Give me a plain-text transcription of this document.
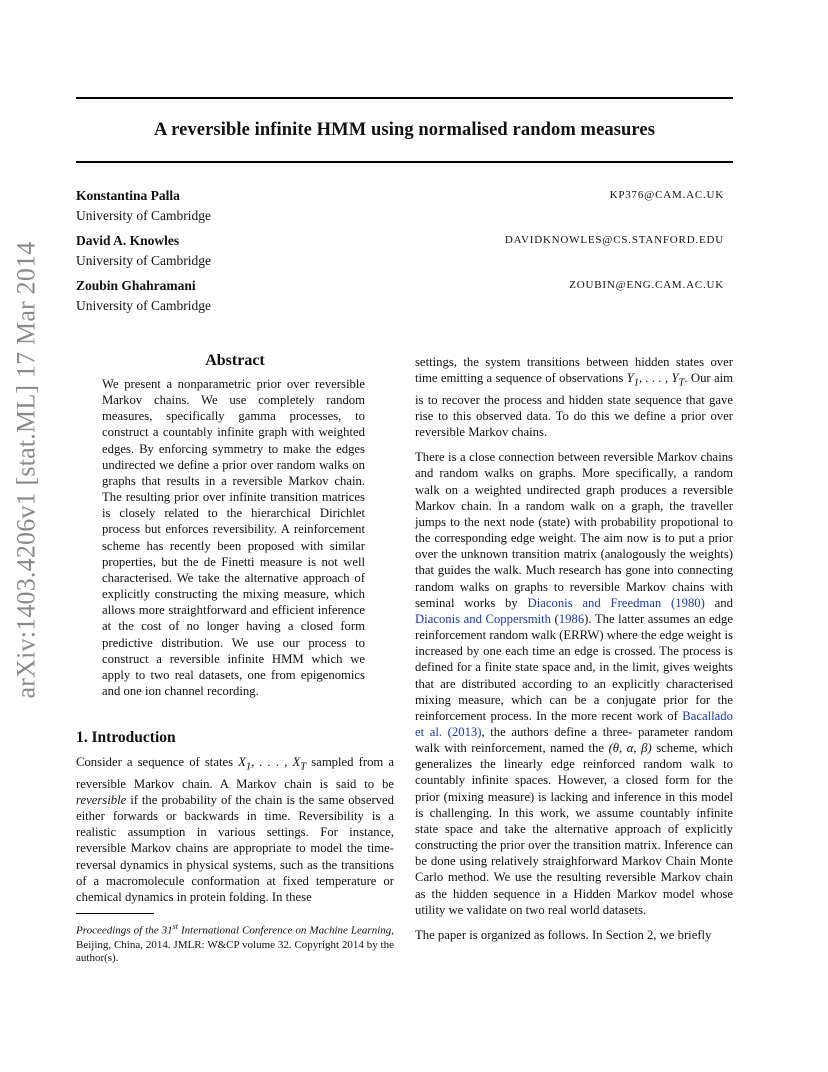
A reversible infinite HMM using normalised random measures
arXiv:1403.4206v1 [stat.ML] 17 Mar 2014
Konstantina Palla	KP376@CAM.AC.UK
University of Cambridge
David A. Knowles	DAVIDKNOWLES@CS.STANFORD.EDU
University of Cambridge
Zoubin Ghahramani	ZOUBIN@ENG.CAM.AC.UK
University of Cambridge
Abstract

We present a nonparametric prior over reversible Markov chains. We use completely random measures, specifically gamma processes, to construct a countably infinite graph with weighted edges. By enforcing symmetry to make the edges undirected we define a prior over random walks on graphs that results in a reversible Markov chain. The resulting prior over infinite transition matrices is closely related to the hierarchical Dirichlet process but enforces reversibility. A reinforcement scheme has recently been proposed with similar properties, but the de Finetti measure is not well characterised. We take the alternative approach of explicitly constructing the mixing measure, which allows more straightforward and efficient inference at the cost of no longer having a closed form predictive distribution. We use our process to construct a reversible infinite HMM which we apply to two real datasets, one from epigenomics and one ion channel recording.

1. Introduction

Consider a sequence of states $X_1$, . . . , $X_T$ sampled from a reversible Markov chain. A Markov chain is said to be reversible if the probability of the chain is the same observed either forwards or backwards in time. Reversibility is a realistic assumption in various settings. For instance, reversible Markov chains are appropriate to model the time-reversal dynamics in physical systems, such as the transitions of a macromolecule conformation at fixed temperature or chemical dynamics in protein folding. In these

Proceedings of the 31st International Conference on Machine Learning, Beijing, China, 2014. JMLR: W&CP volume 32. Copyright 2014 by the author(s).

settings, the system transitions between hidden states over time emitting a sequence of observations $Y_1$, . . . , $Y_T$. Our aim is to recover the process and hidden state sequence that gave rise to this observed data. To do this we define a prior over reversible Markov chains.

There is a close connection between reversible Markov chains and random walks on graphs. More specifically, a random walk on a weighted undirected graph produces a reversible Markov chain. In a random walk on a graph, the traveller jumps to the next node (state) with probability propotional to the corresponding edge weight. The aim now is to put a prior over the unknown transition matrix (analogously the weights) that guides the walk. Much research has gone into connecting random walks on graphs to reversible Markov chains with seminal works by Diaconis and Freedman (1980) and Diaconis and Coppersmith (1986). The latter assumes an edge reinforcement random walk (ERRW) where the edge weight is increased by one each time an edge is crossed. The process is defined for a finite state space and, in the limit, gives weights that are distributed according to an explicitly characterised mixing measure, which can be a conjugate prior for the reinforcement process. In the more recent work of Bacallado et al. (2013), the authors define a three- parameter random walk with reinforcement, named the (θ, α, β) scheme, which generalizes the linearly edge reinforced random walk to countably infinite spaces. However, a closed form for the prior (mixing measure) is lacking and inference in this model is challenging. In this work, we assume countably infinite state space and take the alternative approach of explicitly constructing the prior over the transition matrix. Inference can be done using relatively straighforward Markov Chain Monte Carlo method. We use the resulting reversible Markov chain as the hidden sequence in a Hidden Markov model whose utility we validate on two real world datasets.

The paper is organized as follows. In Section 2, we briefly
